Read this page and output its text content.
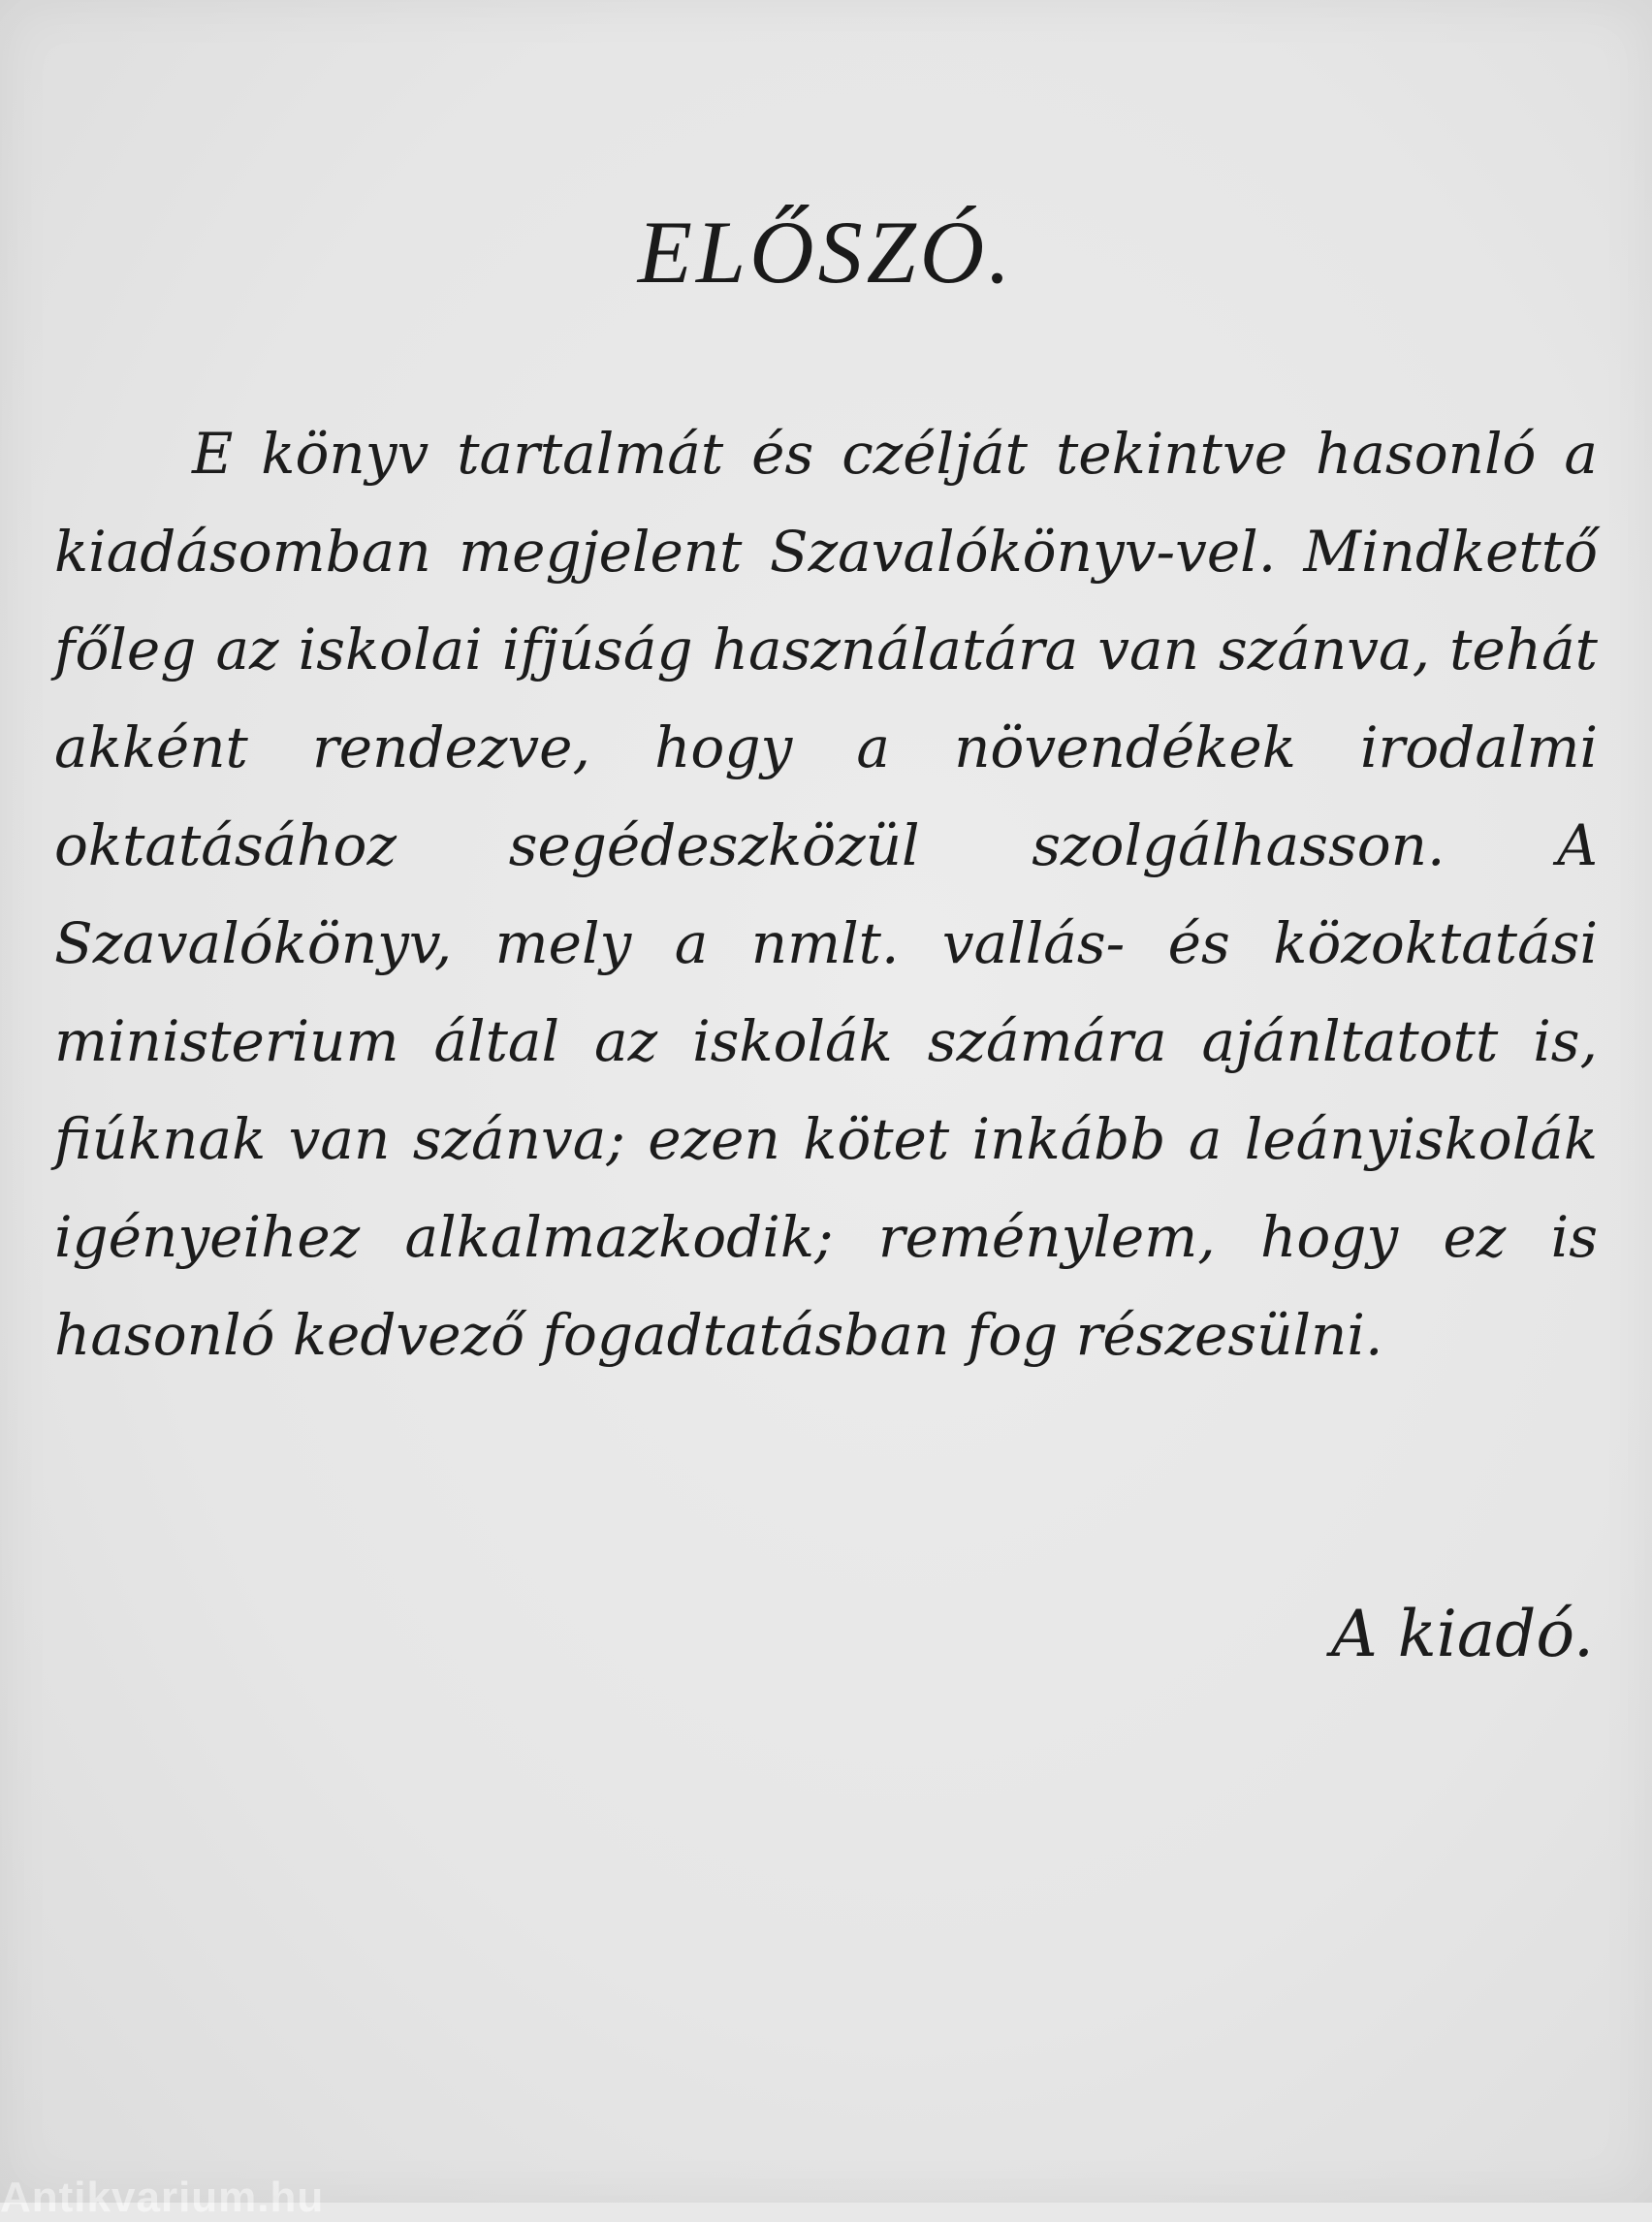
ELŐSZÓ.

E könyv tartalmát és czélját tekintve hasonló a kiadásomban megjelent Szavalókönyv-vel. Mindkettő főleg az iskolai ifjúság használatára van szánva, tehát akként rendezve, hogy a növendékek irodalmi oktatásához segédeszközül szolgálhasson. A Szavalókönyv, mely a nmlt. vallás- és közoktatási ministerium által az iskolák számára ajánltatott is, fiúknak van szánva; ezen kötet inkább a leányiskolák igényeihez alkalmazkodik; reménylem, hogy ez is hasonló kedvező fogadtatásban fog részesülni.

A kiadó.
Antikvarium.hu
